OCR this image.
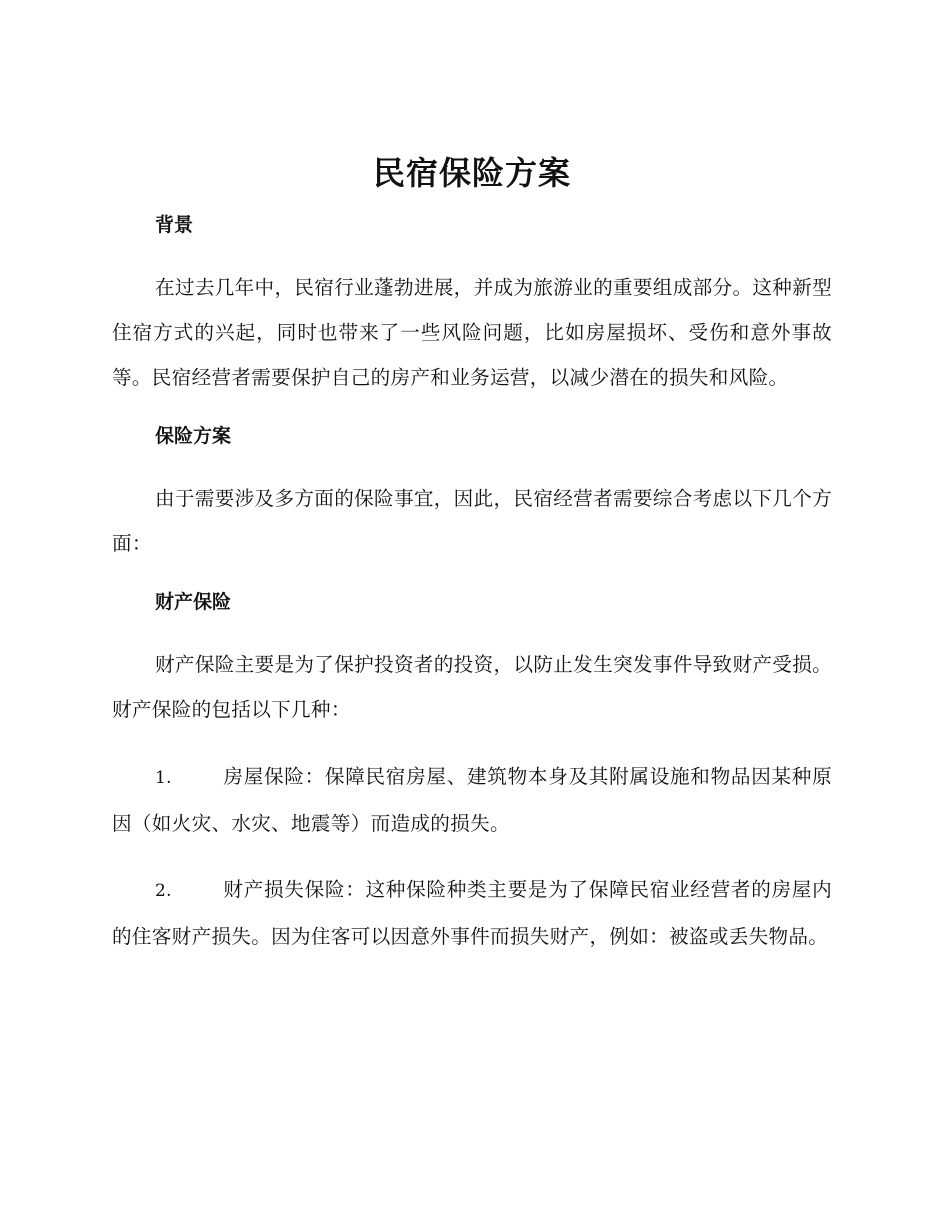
民宿保险方案
背景

在过去几年中，民宿行业蓬勃进展，并成为旅游业的重要组成部分。这种新型住宿方式的兴起，同时也带来了一些风险问题，比如房屋损坏、受伤和意外事故等。民宿经营者需要保护自己的房产和业务运营，以减少潜在的损失和风险。

保险方案

由于需要涉及多方面的保险事宜，因此，民宿经营者需要综合考虑以下几个方面：

财产保险

财产保险主要是为了保护投资者的投资，以防止发生突发事件导致财产受损。财产保险的包括以下几种：

1.	房屋保险：保障民宿房屋、建筑物本身及其附属设施和物品因某种原因（如火灾、水灾、地震等）而造成的损失。

2.	财产损失保险：这种保险种类主要是为了保障民宿业经营者的房屋内的住客财产损失。因为住客可以因意外事件而损失财产，例如：被盗或丢失物品。
